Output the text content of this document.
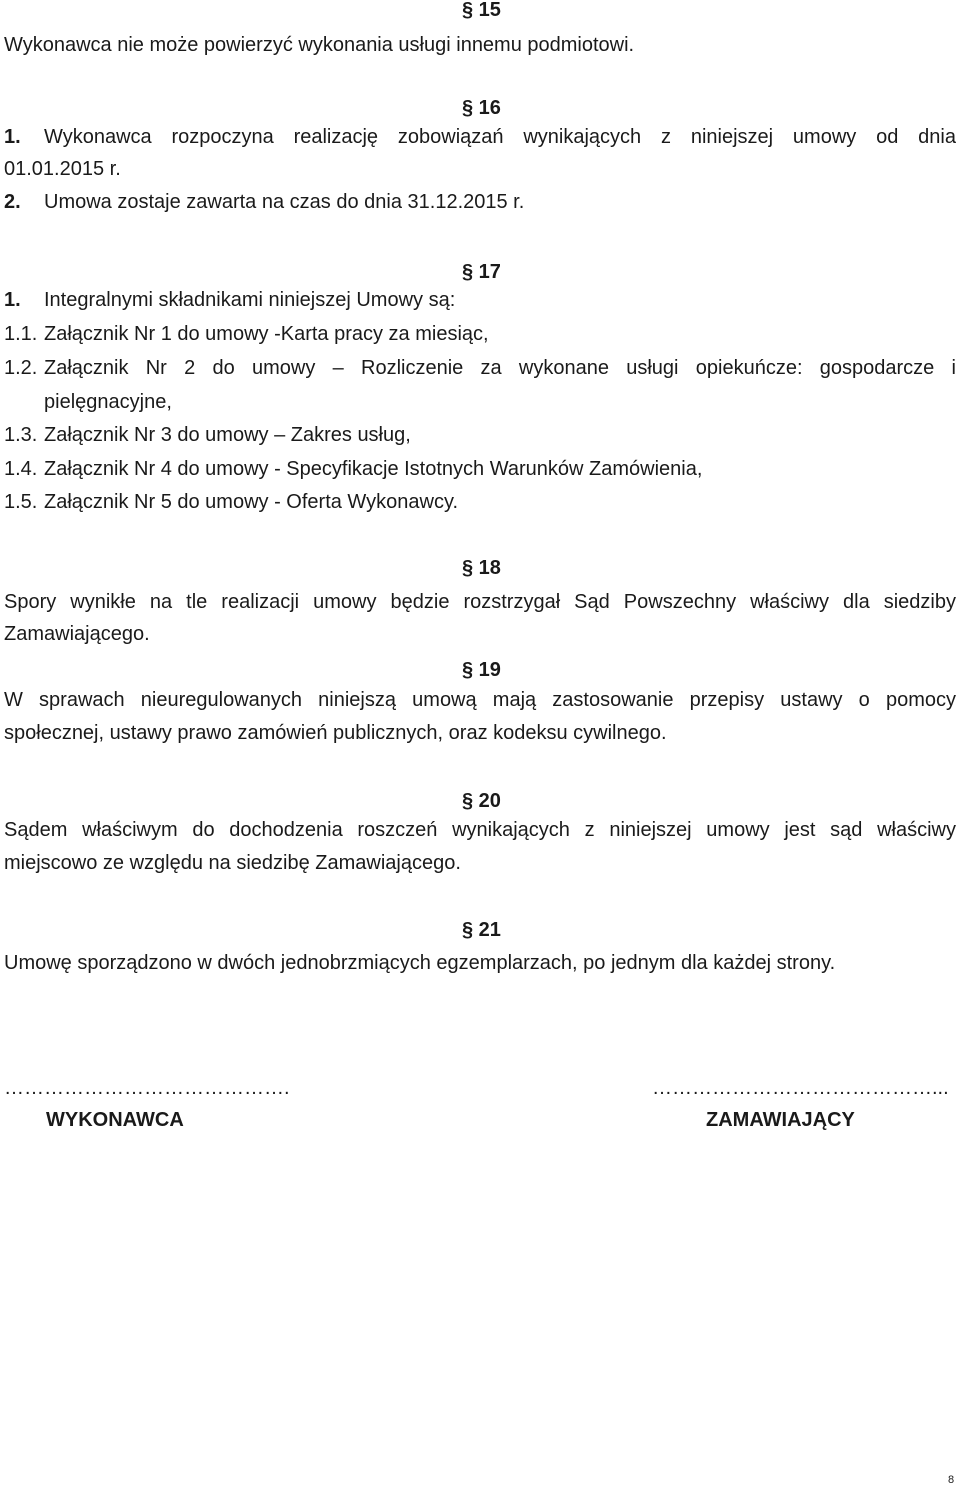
§ 15
Wykonawca nie może powierzyć wykonania usługi innemu podmiotowi.
§ 16
1. Wykonawca rozpoczyna realizację zobowiązań wynikających z niniejszej umowy od dnia
01.01.2015 r.
2. Umowa zostaje zawarta na czas do dnia 31.12.2015 r.
§ 17
1. Integralnymi składnikami niniejszej Umowy są:
1.1. Załącznik Nr 1 do umowy -Karta pracy za miesiąc,
1.2. Załącznik Nr 2 do umowy – Rozliczenie za wykonane usługi opiekuńcze: gospodarcze i
pielęgnacyjne,
1.3. Załącznik Nr 3 do umowy – Zakres usług,
1.4. Załącznik Nr 4 do umowy - Specyfikacje Istotnych Warunków Zamówienia,
1.5. Załącznik Nr 5 do umowy - Oferta Wykonawcy.
§ 18
Spory wynikłe na tle realizacji umowy będzie rozstrzygał Sąd Powszechny właściwy dla siedziby
Zamawiającego.
§ 19
W sprawach nieuregulowanych niniejszą umową mają zastosowanie przepisy ustawy o pomocy
społecznej, ustawy prawo zamówień publicznych, oraz kodeksu cywilnego.
§ 20
Sądem właściwym do dochodzenia roszczeń wynikających z niniejszej umowy jest sąd właściwy
miejscowo ze względu na siedzibę Zamawiającego.
§ 21
Umowę sporządzono w dwóch jednobrzmiących egzemplarzach, po jednym dla każdej strony.
…………………………………….
WYKONAWCA
……………………………………...
ZAMAWIAJĄCY
8
